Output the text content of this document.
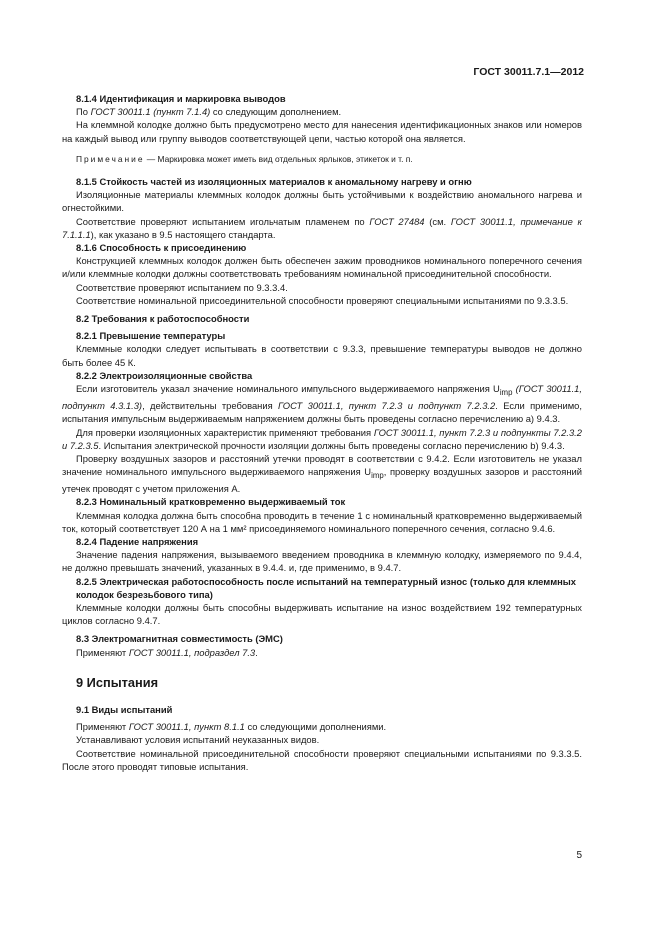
ГОСТ 30011.7.1—2012
8.1.4 Идентификация и маркировка выводов

По ГОСТ 30011.1 (пункт 7.1.4) со следующим дополнением.

На клеммной колодке должно быть предусмотрено место для нанесения идентификационных знаков или номеров на каждый вывод или группу выводов соответствующей цепи, частью которой она является.

Примечание — Маркировка может иметь вид отдельных ярлыков, этикеток и т. п.
8.1.5 Стойкость частей из изоляционных материалов к аномальному нагреву и огню

Изоляционные материалы клеммных колодок должны быть устойчивыми к воздействию аномального нагрева и огнестойкими.

Соответствие проверяют испытанием игольчатым пламенем по ГОСТ 27484 (см. ГОСТ 30011.1, примечание к 7.1.1.1), как указано в 9.5 настоящего стандарта.

8.1.6 Способность к присоединению

Конструкцией клеммных колодок должен быть обеспечен зажим проводников номинального поперечного сечения и/или клеммные колодки должны соответствовать требованиям номинальной присоединительной способности.

Соответствие проверяют испытанием по 9.3.3.4.

Соответствие номинальной присоединительной способности проверяют специальными испытаниями по 9.3.3.5.

8.2 Требования к работоспособности
8.2.1 Превышение температуры

Клеммные колодки следует испытывать в соответствии с 9.3.3, превышение температуры выводов не должно быть более 45 К.

8.2.2 Электроизоляционные свойства

Если изготовитель указал значение номинального импульсного выдерживаемого напряжения $U_{imp}$ (ГОСТ 30011.1, подпункт 4.3.1.3), действительны требования ГОСТ 30011.1, пункт 7.2.3 и подпункт 7.2.3.2. Если применимо, испытания импульсным выдерживаемым напряжением должны быть проведены согласно перечислению а) 9.4.3.

Для проверки изоляционных характеристик применяют требования ГОСТ 30011.1, пункт 7.2.3 и подпункты 7.2.3.2 и 7.2.3.5. Испытания электрической прочности изоляции должны быть проведены согласно перечислению b) 9.4.3.

Проверку воздушных зазоров и расстояний утечки проводят в соответствии с 9.4.2. Если изготовитель не указал значение номинального импульсного выдерживаемого напряжения $U_{imp}$, проверку воздушных зазоров и расстояний утечек проводят с учетом приложения А.

8.2.3 Номинальный кратковременно выдерживаемый ток

Клеммная колодка должна быть способна проводить в течение 1 с номинальный кратковременно выдерживаемый ток, который соответствует 120 А на 1 мм² присоединяемого номинального поперечного сечения, согласно 9.4.6.

8.2.4 Падение напряжения

Значение падения напряжения, вызываемого введением проводника в клеммную колодку, измеряемого по 9.4.4, не должно превышать значений, указанных в 9.4.4. и, где применимо, в 9.4.7.

8.2.5 Электрическая работоспособность после испытаний на температурный износ (только для клеммных колодок безрезьбового типа)

Клеммные колодки должны быть способны выдерживать испытание на износ воздействием 192 температурных циклов согласно 9.4.7.

8.3 Электромагнитная совместимость (ЭМС)

Применяют ГОСТ 30011.1, подраздел 7.3.

9 Испытания
9.1 Виды испытаний

Применяют ГОСТ 30011.1, пункт 8.1.1 со следующими дополнениями.

Устанавливают условия испытаний неуказанных видов.

Соответствие номинальной присоединительной способности проверяют специальными испытаниями по 9.3.3.5. После этого проводят типовые испытания.

5
